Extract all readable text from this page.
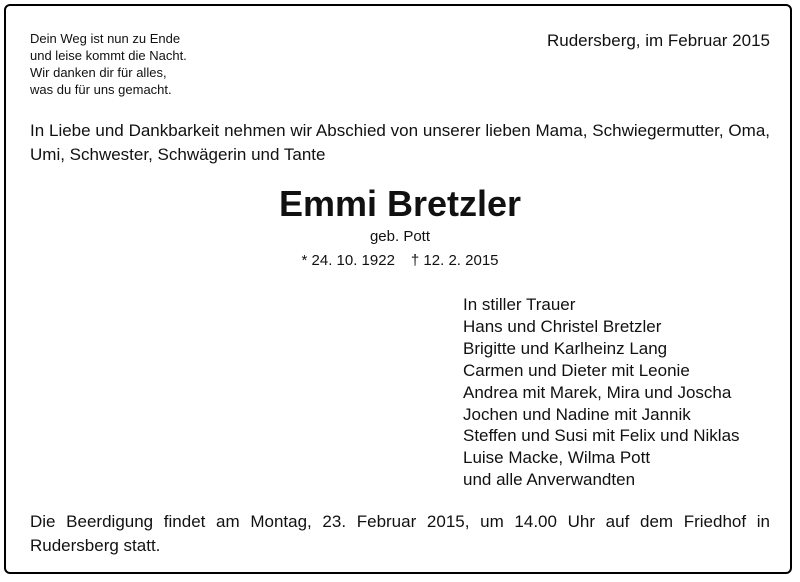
Dein Weg ist nun zu Ende
und leise kommt die Nacht.
Wir danken dir für alles,
was du für uns gemacht.
Rudersberg, im Februar 2015
In Liebe und Dankbarkeit nehmen wir Abschied von unserer lieben Mama, Schwiegermutter, Oma, Umi, Schwester, Schwägerin und Tante
Emmi Bretzler
geb. Pott
* 24. 10. 1922 † 12. 2. 2015
In stiller Trauer
Hans und Christel Bretzler
Brigitte und Karlheinz Lang
Carmen und Dieter mit Leonie
Andrea mit Marek, Mira und Joscha
Jochen und Nadine mit Jannik
Steffen und Susi mit Felix und Niklas
Luise Macke, Wilma Pott
und alle Anverwandten
Die Beerdigung findet am Montag, 23. Februar 2015, um 14.00 Uhr auf dem Friedhof in Rudersberg statt.
